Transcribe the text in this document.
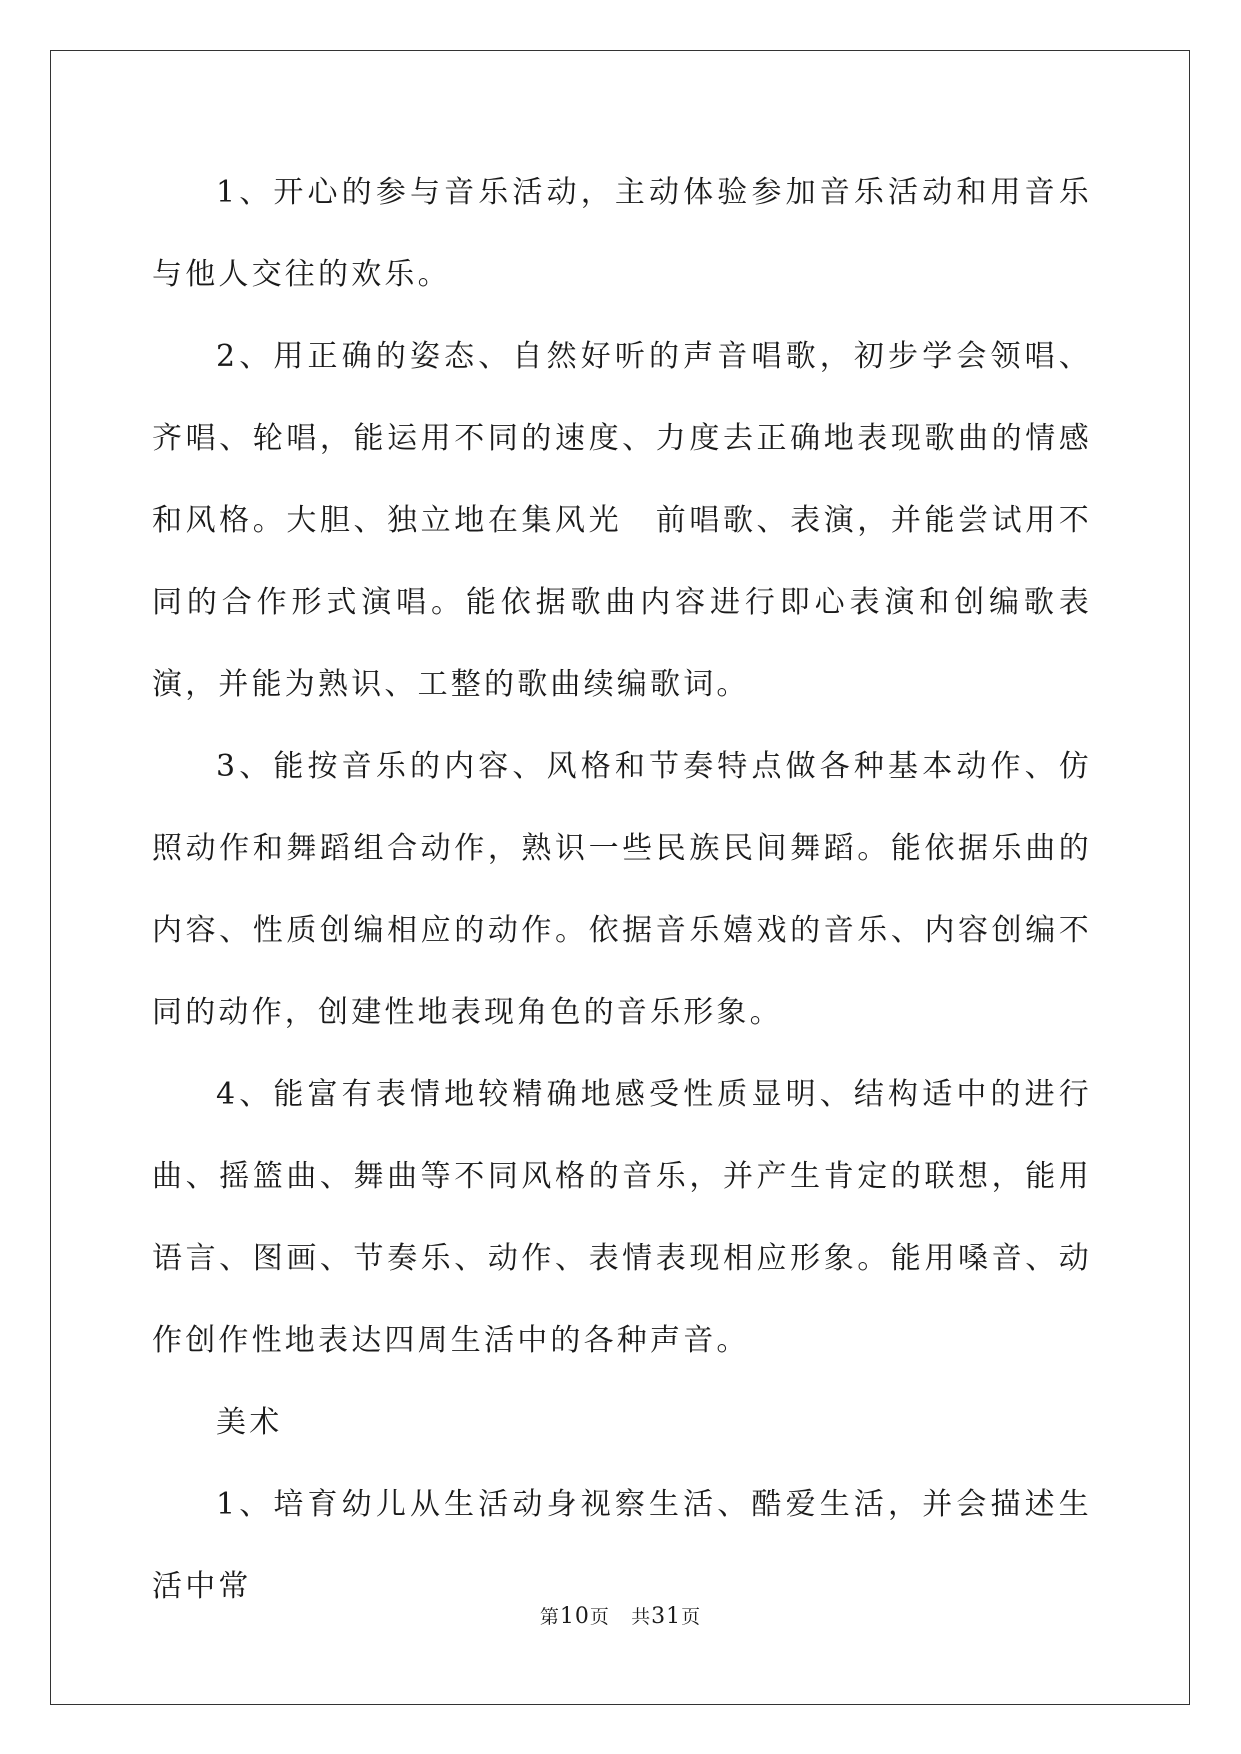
1、开心的参与音乐活动，主动体验参加音乐活动和用音乐与他人交往的欢乐。

2、用正确的姿态、自然好听的声音唱歌，初步学会领唱、齐唱、轮唱，能运用不同的速度、力度去正确地表现歌曲的情感和风格。大胆、独立地在集风光　前唱歌、表演，并能尝试用不同的合作形式演唱。能依据歌曲内容进行即心表演和创编歌表演，并能为熟识、工整的歌曲续编歌词。

3、能按音乐的内容、风格和节奏特点做各种基本动作、仿照动作和舞蹈组合动作，熟识一些民族民间舞蹈。能依据乐曲的内容、性质创编相应的动作。依据音乐嬉戏的音乐、内容创编不同的动作，创建性地表现角色的音乐形象。

4、能富有表情地较精确地感受性质显明、结构适中的进行曲、摇篮曲、舞曲等不同风格的音乐，并产生肯定的联想，能用语言、图画、节奏乐、动作、表情表现相应形象。能用嗓音、动作创作性地表达四周生活中的各种声音。

美术

1、培育幼儿从生活动身视察生活、酷爱生活，并会描述生活中常

第10页 共31页
